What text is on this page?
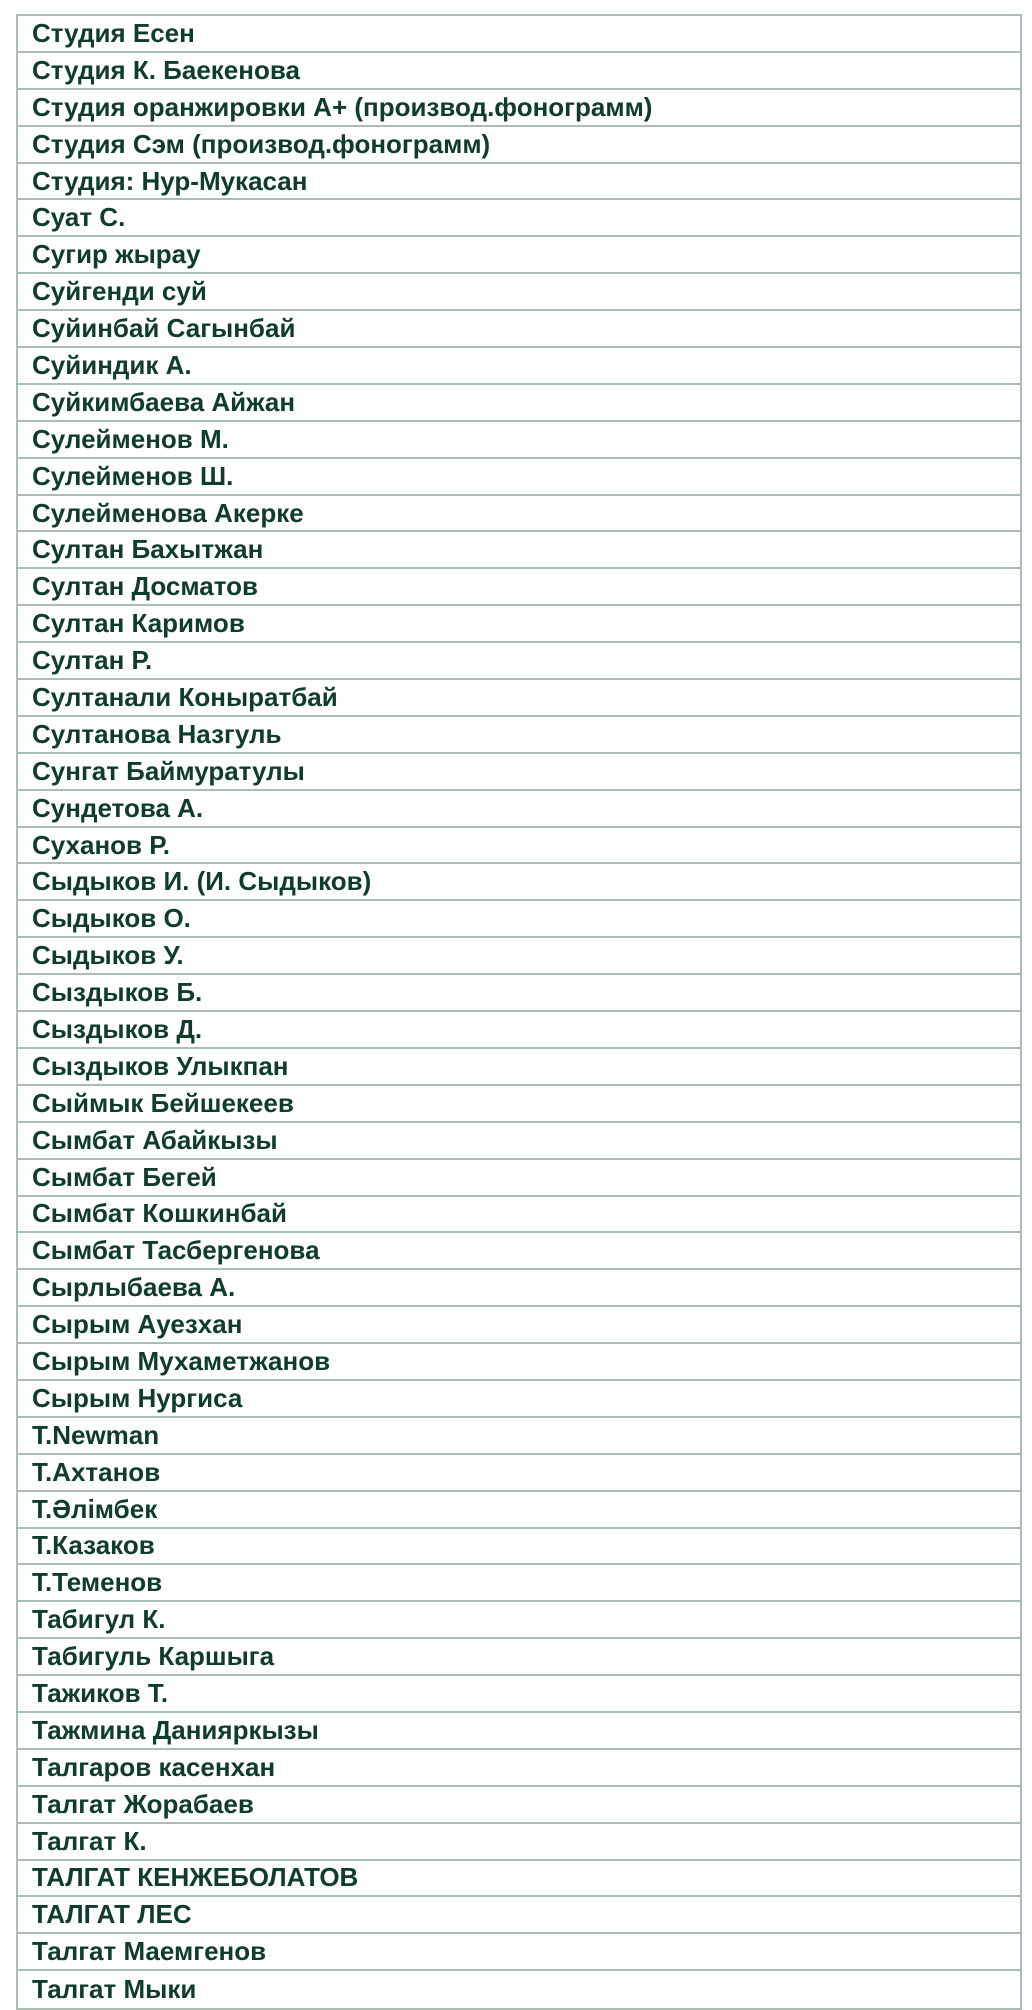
Студия Есен
Студия К. Баекенова
Студия оранжировки А+ (производ.фонограмм)
Студия Сэм (производ.фонограмм)
Студия: Нур-Мукасан
Суат С.
Сугир жырау
Суйгенди суй
Суйинбай Сагынбай
Суйиндик А.
Суйкимбаева Айжан
Сулейменов М.
Сулейменов Ш.
Сулейменова Акерке
Султан Бахытжан
Султан Досматов
Султан Каримов
Султан Р.
Султанали Коныратбай
Султанова Назгуль
Сунгат Баймуратулы
Сундетова А.
Суханов Р.
Сыдыков И. (И. Сыдыков)
Сыдыков О.
Сыдыков У.
Сыздыков Б.
Сыздыков Д.
Сыздыков Улыкпан
Сыймык Бейшекеев
Сымбат Абайкызы
Сымбат Бегей
Сымбат Кошкинбай
Сымбат Тасбергенова
Сырлыбаева А.
Сырым Ауезхан
Сырым Мухаметжанов
Сырым Нургиса
T.Newman
Т.Ахтанов
Т.Әлімбек
Т.Казаков
Т.Теменов
Табигул К.
Табигуль Каршыга
Тажиков Т.
Тажмина Данияркызы
Талгаров касенхан
Талгат Жорабаев
Талгат К.
ТАЛГАТ КЕНЖЕБОЛАТОВ
ТАЛГАТ ЛЕС
Талгат Маемгенов
Талгат Мыки
